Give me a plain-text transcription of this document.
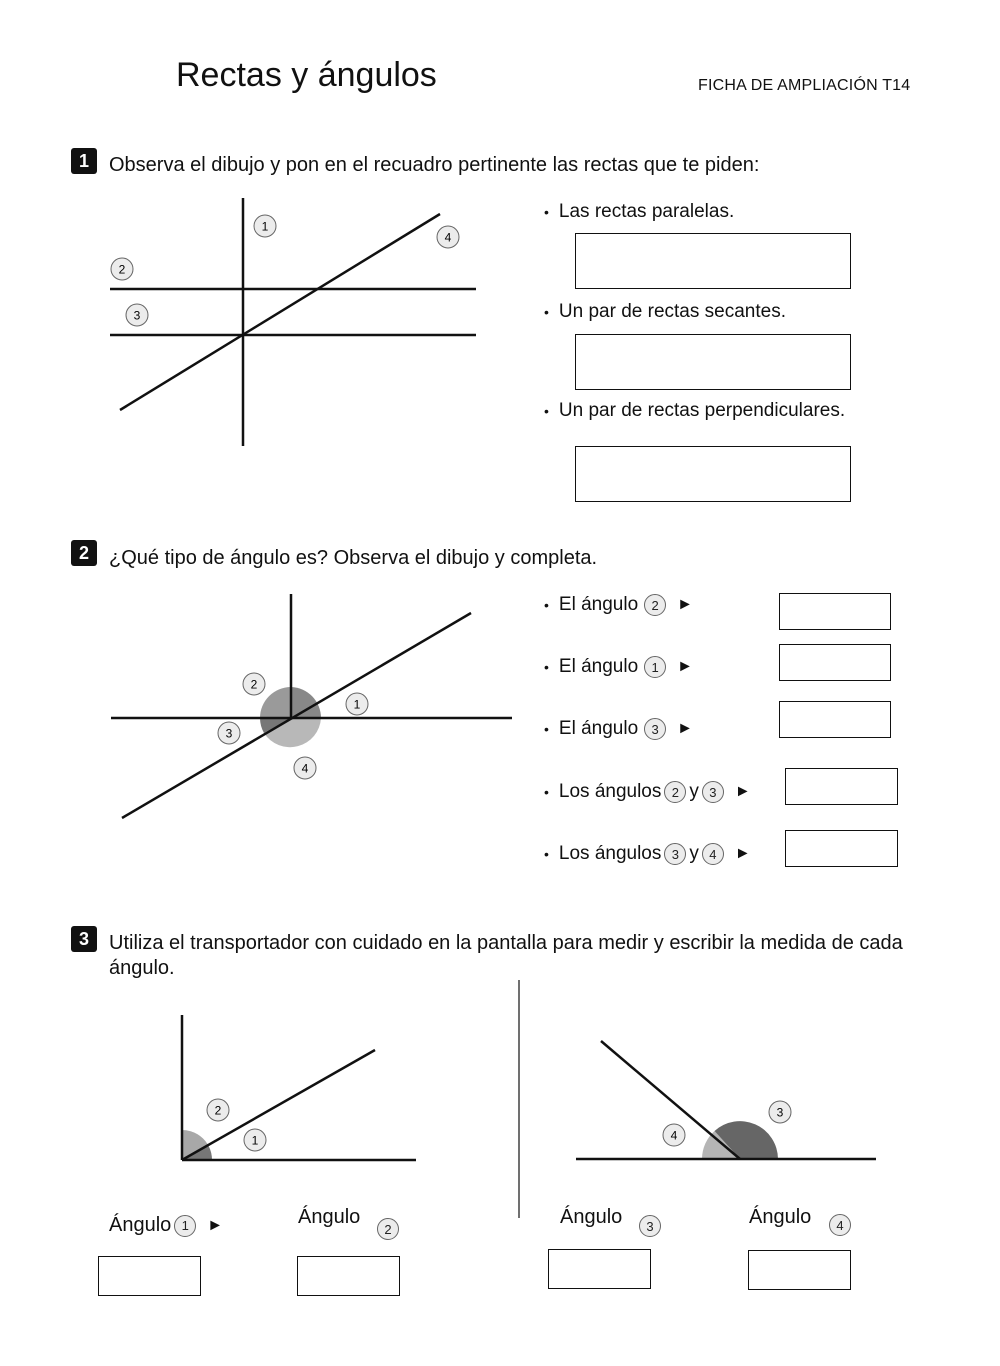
Rectas y ángulos	FICHA DE AMPLIACIÓN T14
1	Observa el dibujo y pon en el recuadro pertinente las rectas que te piden:
1
2
3
4
• Las rectas paralelas.
• Un par de rectas secantes.
• Un par de rectas perpendiculares.
2	¿Qué tipo de ángulo es? Observa el dibujo y completa.
1
2
3
4
• El ángulo	2	►
• El ángulo	1	►
• El ángulo	3	►
• Los ángulos 2 y 3	►
• Los ángulos 3 y 4	►
3	Utiliza el transportador con cuidado en la pantalla para medir y escribir la medida de cada ángulo.
2
1
3
4
Ángulo 1	►	Ángulo
2
Ángulo	3	Ángulo	4
